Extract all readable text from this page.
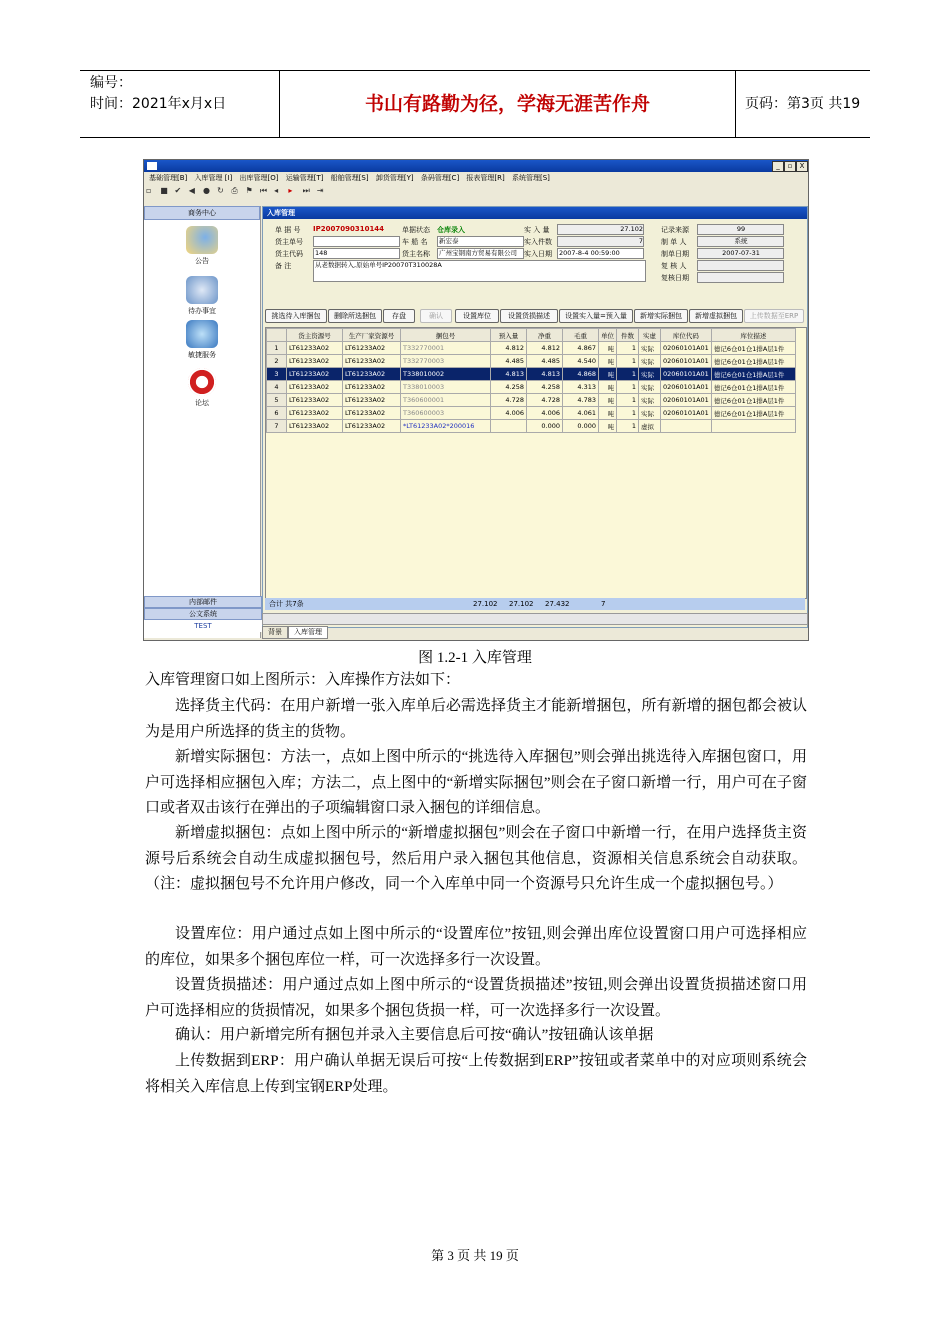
编号：
时间：2021年x月x日	书山有路勤为径，学海无涯苦作舟	页码：第3页 共19
_	▫	X
基础管理[B] 入库管理 [I] 出库管理[O] 运输管理[T] 船舶管理[S] 卸货管理[Y] 条码管理[C] 报表管理[R] 系统管理[S]
▫ ■ ✔ ◀ ● ↻ ⎙ ⚑ ⏮ ◂ ▸ ⏭ ⇥
商务中心
公告
待办事宜
敏捷服务
论坛
内部邮件
公文系统
TEST
入库管理
单 据 号 IP2007090310144	单据状态 仓库录入	实 入 量	27.102	记录来源	99
货主单号	车 船 名	新宏泰	实入件数	7	制 单 人	系统
货主代码	148	货主名称	广州宝钢南方贸易有限公司	实入日期	2007-8-4 00:59:00	制单日期	2007-07-31
备 注	从老数据转入,原始单号IP20070T310028A	复 核 人
复核日期
挑选待入库捆包	删除所选捆包	存盘	确认	设置库位	设置货损描述	设置实入量=预入量	新增实际捆包	新增虚拟捆包	上传数据至ERP
	货主资源号	生产厂家资源号	捆包号	预入量	净重	毛重	单位	件数	实虚	库位代码	库位描述
1	LT61233A02	LT61233A02	T332770001	4.812	4.812	4.867	吨	1	实际	02060101A01	德记6仓01仓1排A层1件
2	LT61233A02	LT61233A02	T332770003	4.485	4.485	4.540	吨	1	实际	02060101A01	德记6仓01仓1排A层1件
3	LT61233A02	LT61233A02	T338010002	4.813	4.813	4.868	吨	1	实际	02060101A01	德记6仓01仓1排A层1件
4	LT61233A02	LT61233A02	T338010003	4.258	4.258	4.313	吨	1	实际	02060101A01	德记6仓01仓1排A层1件
5	LT61233A02	LT61233A02	T360600001	4.728	4.728	4.783	吨	1	实际	02060101A01	德记6仓01仓1排A层1件
6	LT61233A02	LT61233A02	T360600003	4.006	4.006	4.061	吨	1	实际	02060101A01	德记6仓01仓1排A层1件
7	LT61233A02	LT61233A02	*LT61233A02*200016		0.000	0.000	吨	1	虚拟		
合计 共7条	27.102 27.102 27.432	7
背景 入库管理
图 1.2-1 入库管理
入库管理窗口如上图所示：入库操作方法如下：
选择货主代码：在用户新增一张入库单后必需选择货主才能新增捆包，所有新增的捆包都会被认为是用户所选择的货主的货物。
新增实际捆包：方法一，点如上图中所示的“挑选待入库捆包”则会弹出挑选待入库捆包窗口，用户可选择相应捆包入库；方法二，点上图中的“新增实际捆包”则会在子窗口新增一行，用户可在子窗口或者双击该行在弹出的子项编辑窗口录入捆包的详细信息。
新增虚拟捆包：点如上图中所示的“新增虚拟捆包”则会在子窗口中新增一行，在用户选择货主资源号后系统会自动生成虚拟捆包号，然后用户录入捆包其他信息，资源相关信息系统会自动获取。（注：虚拟捆包号不允许用户修改，同一个入库单中同一个资源号只允许生成一个虚拟捆包号。）
设置库位：用户通过点如上图中所示的“设置库位”按钮,则会弹出库位设置窗口用户可选择相应的库位，如果多个捆包库位一样，可一次选择多行一次设置。
设置货损描述：用户通过点如上图中所示的“设置货损描述”按钮,则会弹出设置货损描述窗口用户可选择相应的货损情况，如果多个捆包货损一样，可一次选择多行一次设置。
确认：用户新增完所有捆包并录入主要信息后可按“确认”按钮确认该单据
上传数据到ERP：用户确认单据无误后可按“上传数据到ERP”按钮或者菜单中的对应项则系统会将相关入库信息上传到宝钢ERP处理。
第 3 页 共 19 页
